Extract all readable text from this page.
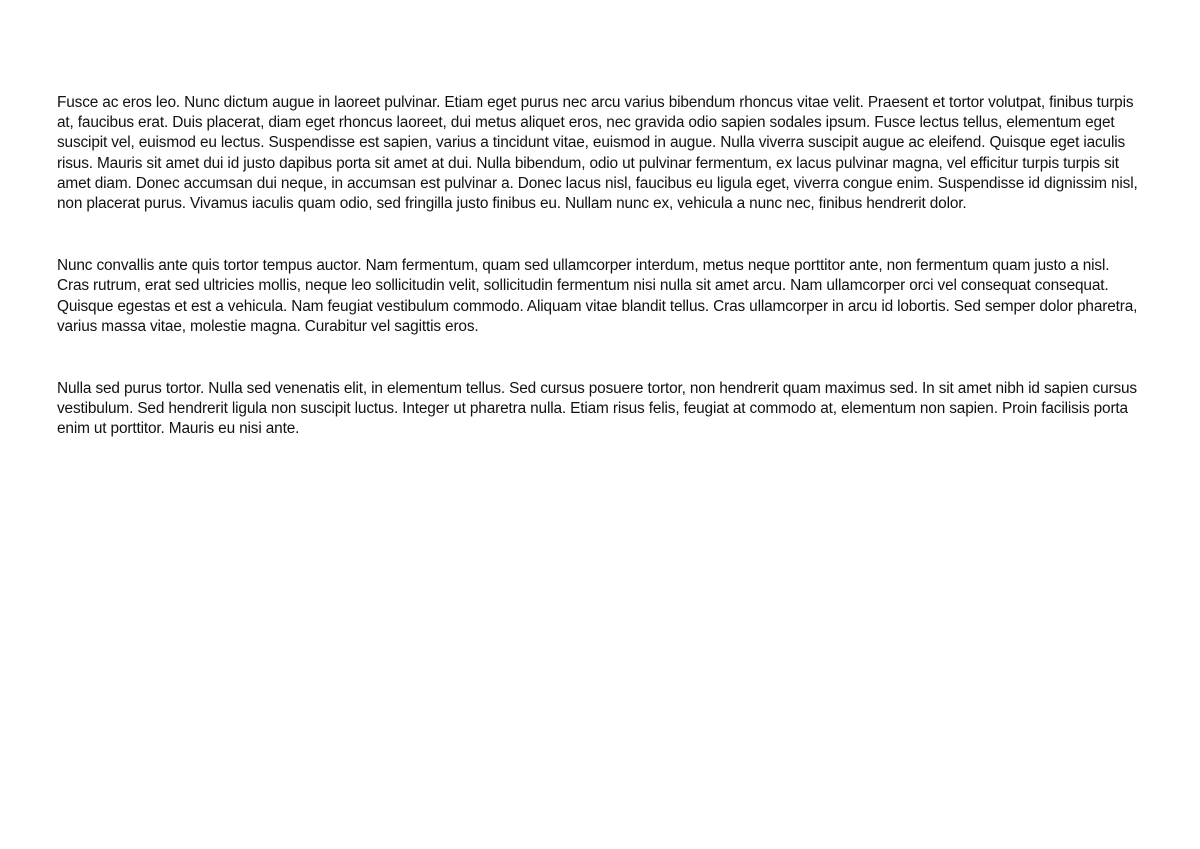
Fusce ac eros leo. Nunc dictum augue in laoreet pulvinar. Etiam eget purus nec arcu varius bibendum rhoncus vitae velit. Praesent et tortor volutpat, finibus turpis at, faucibus erat. Duis placerat, diam eget rhoncus laoreet, dui metus aliquet eros, nec gravida odio sapien sodales ipsum. Fusce lectus tellus, elementum eget suscipit vel, euismod eu lectus. Suspendisse est sapien, varius a tincidunt vitae, euismod in augue. Nulla viverra suscipit augue ac eleifend. Quisque eget iaculis risus. Mauris sit amet dui id justo dapibus porta sit amet at dui. Nulla bibendum, odio ut pulvinar fermentum, ex lacus pulvinar magna, vel efficitur turpis turpis sit amet diam. Donec accumsan dui neque, in accumsan est pulvinar a. Donec lacus nisl, faucibus eu ligula eget, viverra congue enim. Suspendisse id dignissim nisl, non placerat purus. Vivamus iaculis quam odio, sed fringilla justo finibus eu. Nullam nunc ex, vehicula a nunc nec, finibus hendrerit dolor.

Nunc convallis ante quis tortor tempus auctor. Nam fermentum, quam sed ullamcorper interdum, metus neque porttitor ante, non fermentum quam justo a nisl. Cras rutrum, erat sed ultricies mollis, neque leo sollicitudin velit, sollicitudin fermentum nisi nulla sit amet arcu. Nam ullamcorper orci vel consequat consequat. Quisque egestas et est a vehicula. Nam feugiat vestibulum commodo. Aliquam vitae blandit tellus. Cras ullamcorper in arcu id lobortis. Sed semper dolor pharetra, varius massa vitae, molestie magna. Curabitur vel sagittis eros.

Nulla sed purus tortor. Nulla sed venenatis elit, in elementum tellus. Sed cursus posuere tortor, non hendrerit quam maximus sed. In sit amet nibh id sapien cursus vestibulum. Sed hendrerit ligula non suscipit luctus. Integer ut pharetra nulla. Etiam risus felis, feugiat at commodo at, elementum non sapien. Proin facilisis porta enim ut porttitor. Mauris eu nisi ante.
